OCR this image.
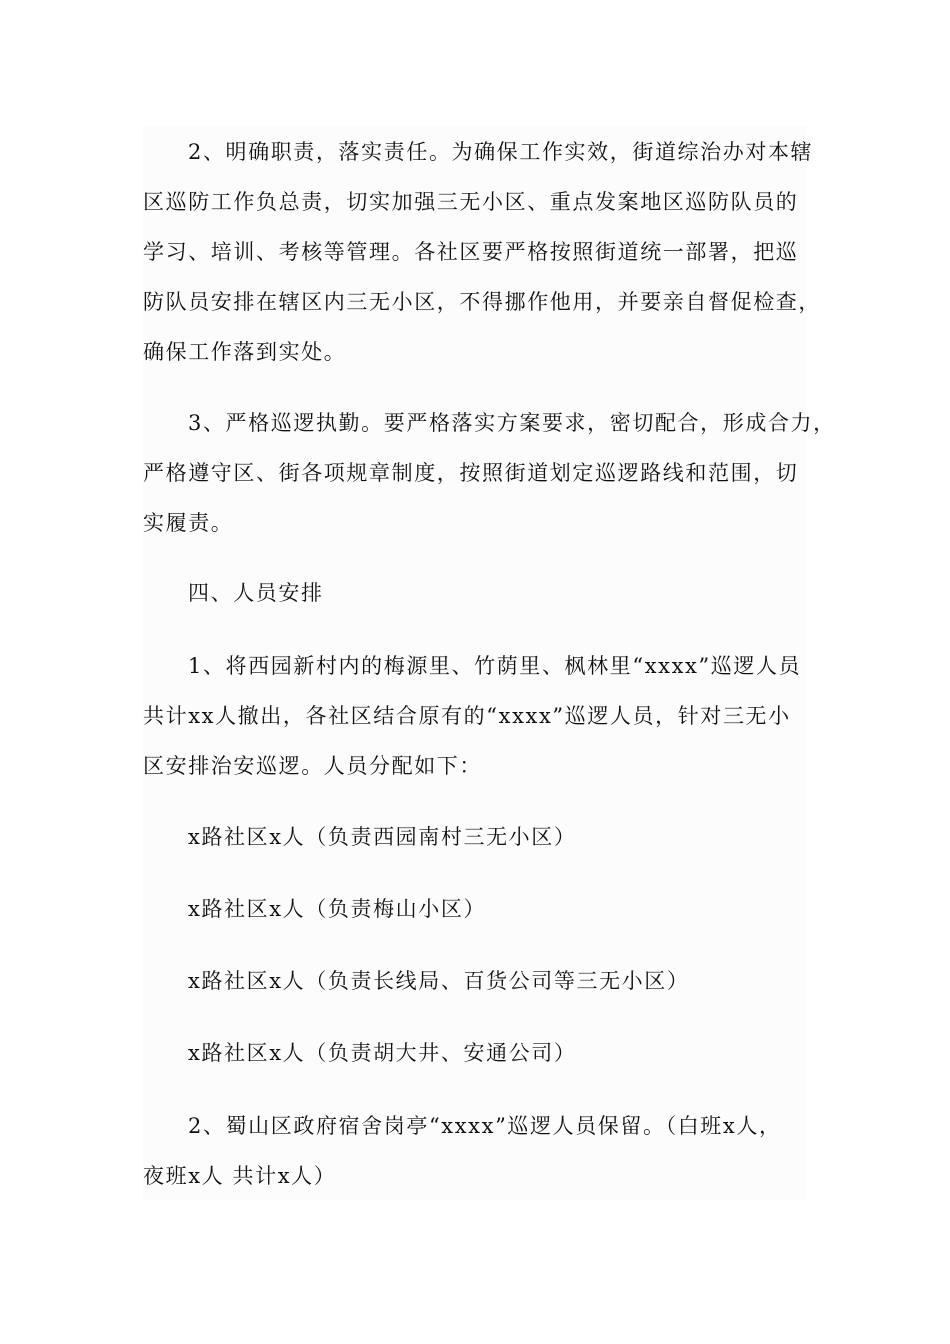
2、明确职责，落实责任。为确保工作实效，街道综治办对本辖
区巡防工作负总责，切实加强三无小区、重点发案地区巡防队员的
学习、培训、考核等管理。各社区要严格按照街道统一部署，把巡
防队员安排在辖区内三无小区，不得挪作他用，并要亲自督促检查，
确保工作落到实处。

3、严格巡逻执勤。要严格落实方案要求，密切配合，形成合力，
严格遵守区、街各项规章制度，按照街道划定巡逻路线和范围，切
实履责。

四、人员安排

1、将西园新村内的梅源里、竹荫里、枫林里“xxxx”巡逻人员
共计xx人撤出，各社区结合原有的“xxxx”巡逻人员，针对三无小
区安排治安巡逻。人员分配如下：

x路社区x人（负责西园南村三无小区）

x路社区x人（负责梅山小区）

x路社区x人（负责长线局、百货公司等三无小区）

x路社区x人（负责胡大井、安通公司）

2、蜀山区政府宿舍岗亭“xxxx”巡逻人员保留。（白班x人，
夜班x人 共计x人）
